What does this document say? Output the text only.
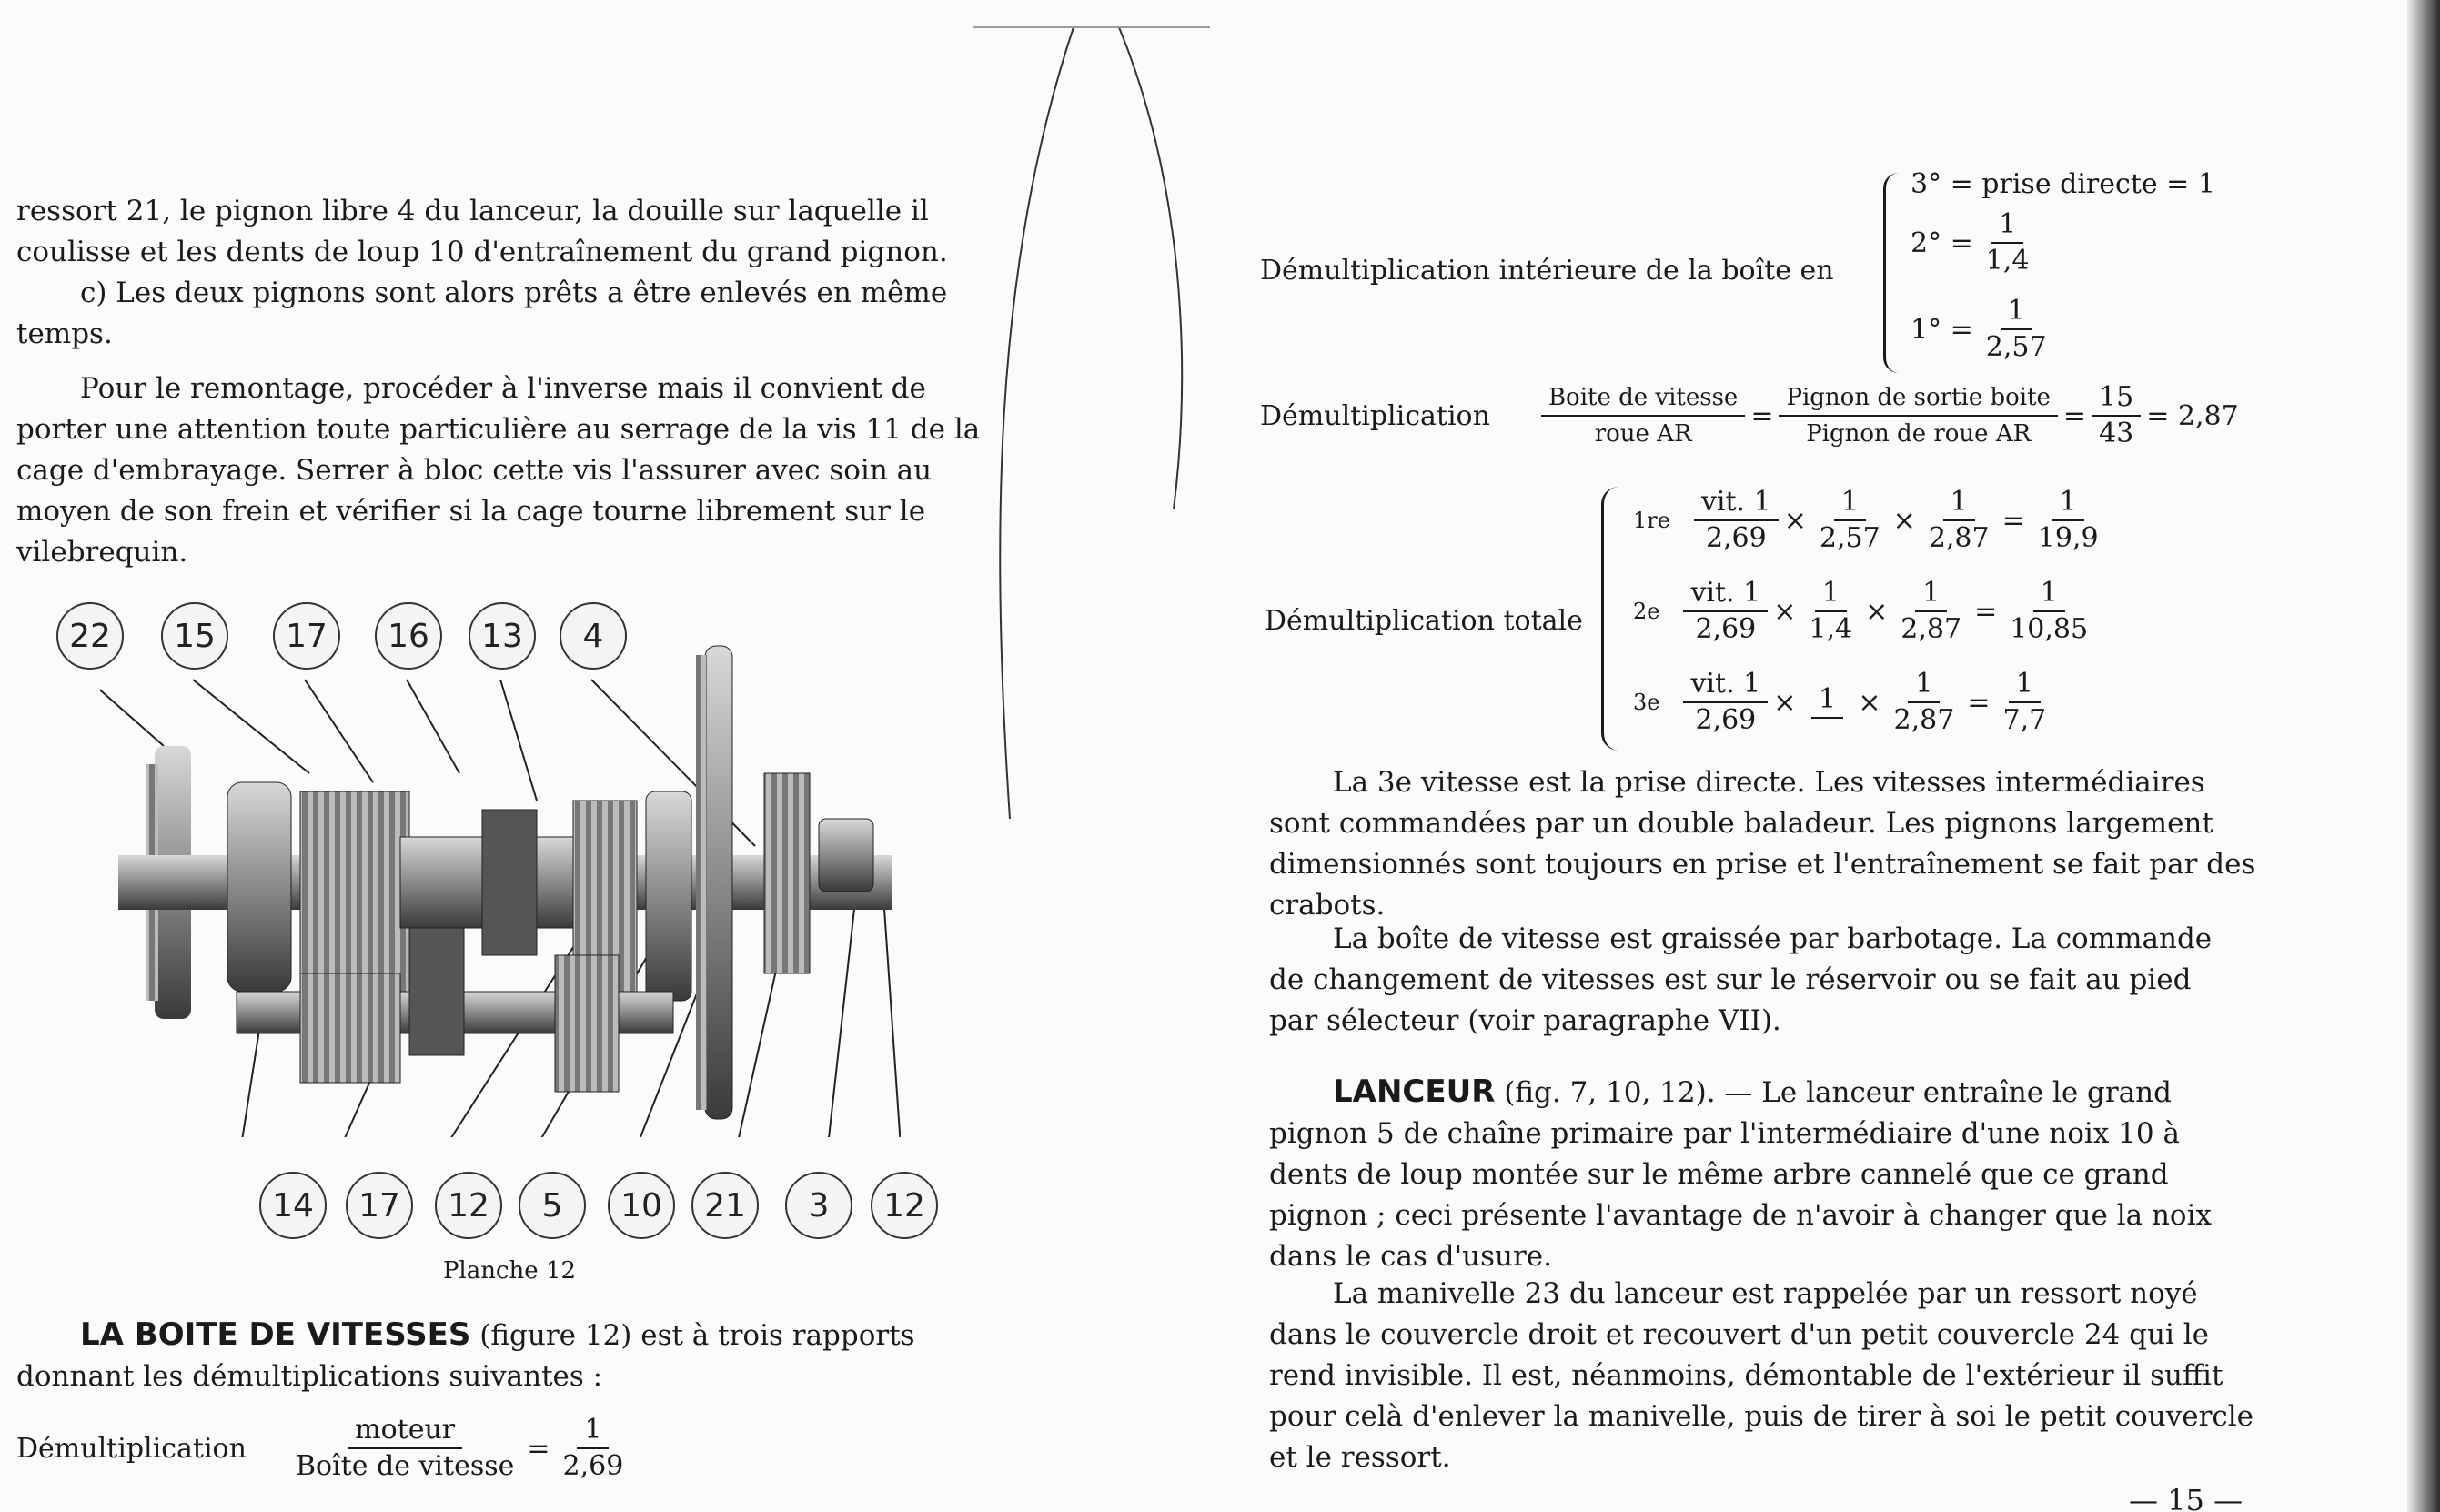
ressort 21, le pignon libre 4 du lanceur, la douille sur laquelle il
coulisse et les dents de loup 10 d'entraînement du grand pignon.
c) Les deux pignons sont alors prêts a être enlevés en même
temps.
Pour le remontage, procéder à l'inverse mais il convient de
porter une attention toute particulière au serrage de la vis 11 de la
cage d'embrayage. Serrer à bloc cette vis l'assurer avec soin au
moyen de son frein et vérifier si la cage tourne librement sur le
vilebrequin.
22 15 17 16 13 4
14 17 12 5 10 21 3 12
Planche 12
LA BOITE DE VITESSES (figure 12) est à trois rapports
donnant les démultiplications suivantes :
Démultiplication $\frac{\text{moteur}}{\text{Boîte de vitesse}} = \frac{1}{2,69}$
Démultiplication intérieure de la boîte en
3° = prise directe = 1
$2^\circ = \frac{1}{1,4}$
$1^\circ = \frac{1}{2,57}$
Démultiplication $\frac{\text{Boite de vitesse}}{\text{roue AR}} = \frac{\text{Pignon de sortie boite}}{\text{Pignon de roue AR}} = \frac{15}{43} = 2,87$
Démultiplication totale
$1re \frac{\text{vit. 1}}{2,69} \times \frac{1}{2,57} \times \frac{1}{2,87} = \frac{1}{19,9}$
$2e \frac{\text{vit. 1}}{2,69} \times \frac{1}{1,4} \times \frac{1}{2,87} = \frac{1}{10,85}$
$3e \frac{\text{vit. 1}}{2,69} \times 1 \times \frac{1}{2,87} = \frac{1}{7,7}$
La 3e vitesse est la prise directe. Les vitesses intermédiaires
sont commandées par un double baladeur. Les pignons largement
dimensionnés sont toujours en prise et l'entraînement se fait par des
crabots.
La boîte de vitesse est graissée par barbotage. La commande
de changement de vitesses est sur le réservoir ou se fait au pied
par sélecteur (voir paragraphe VII).
LANCEUR (fig. 7, 10, 12). — Le lanceur entraîne le grand
pignon 5 de chaîne primaire par l'intermédiaire d'une noix 10 à
dents de loup montée sur le même arbre cannelé que ce grand
pignon ; ceci présente l'avantage de n'avoir à changer que la noix
dans le cas d'usure.
La manivelle 23 du lanceur est rappelée par un ressort noyé
dans le couvercle droit et recouvert d'un petit couvercle 24 qui le
rend invisible. Il est, néanmoins, démontable de l'extérieur il suffit
pour celà d'enlever la manivelle, puis de tirer à soi le petit couvercle
et le ressort.
— 15 —
